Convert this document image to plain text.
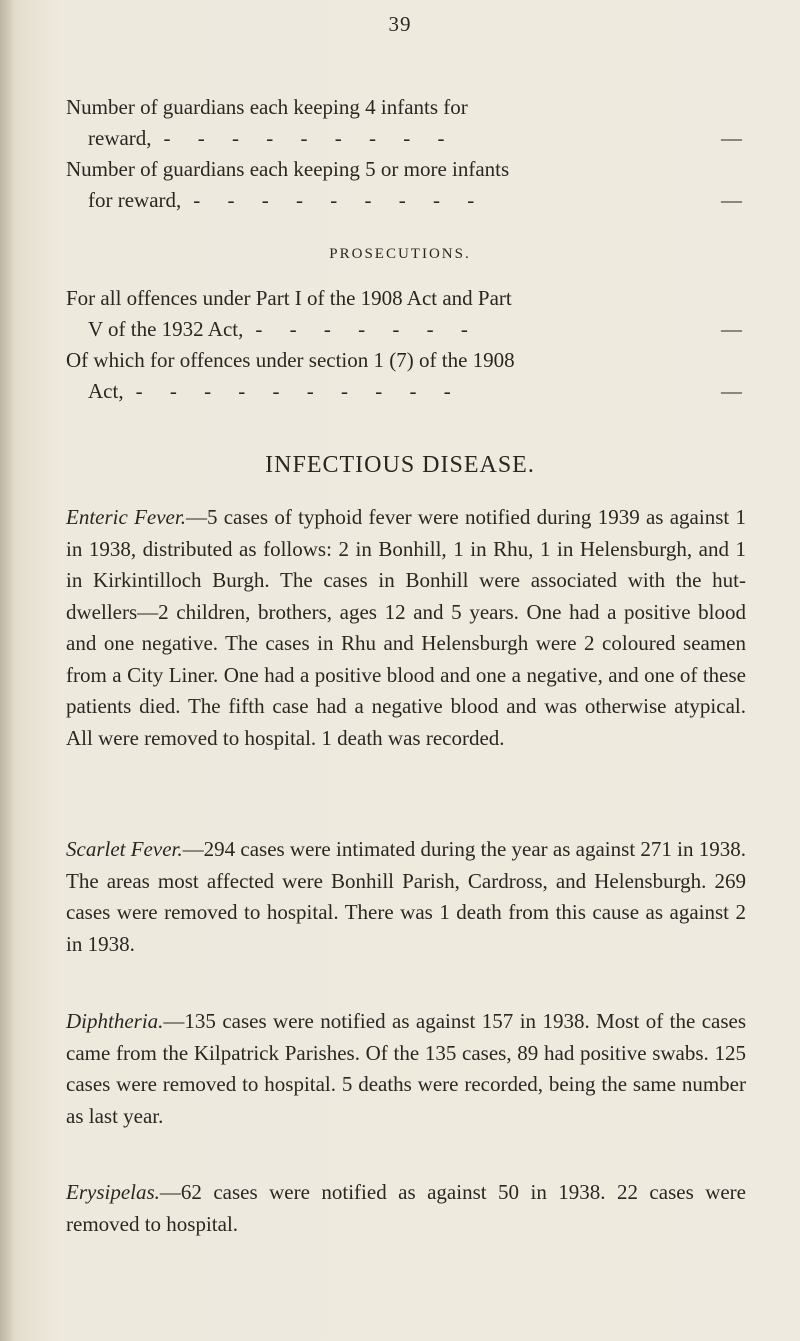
39
Number of guardians each keeping 4 infants for
reward, - - - - - - - - -	—
Number of guardians each keeping 5 or more infants
for reward, - - - - - - - - -	—
PROSECUTIONS.
For all offences under Part I of the 1908 Act and Part
V of the 1932 Act, - - - - - - -	—
Of which for offences under section 1 (7) of the 1908
Act, - - - - - - - - - -	—
INFECTIOUS DISEASE.
Enteric Fever.—5 cases of typhoid fever were notified during 1939 as against 1 in 1938, distributed as follows: 2 in Bonhill, 1 in Rhu, 1 in Helensburgh, and 1 in Kirkintilloch Burgh. The cases in Bonhill were associated with the hut-dwellers—2 children, brothers, ages 12 and 5 years. One had a positive blood and one negative. The cases in Rhu and Helensburgh were 2 coloured seamen from a City Liner. One had a positive blood and one a negative, and one of these patients died. The fifth case had a negative blood and was otherwise atypical. All were removed to hospital. 1 death was recorded.
Scarlet Fever.—294 cases were intimated during the year as against 271 in 1938. The areas most affected were Bonhill Parish, Cardross, and Helensburgh. 269 cases were removed to hospital. There was 1 death from this cause as against 2 in 1938.
Diphtheria.—135 cases were notified as against 157 in 1938. Most of the cases came from the Kilpatrick Parishes. Of the 135 cases, 89 had positive swabs. 125 cases were removed to hospital. 5 deaths were recorded, being the same number as last year.
Erysipelas.—62 cases were notified as against 50 in 1938. 22 cases were removed to hospital.
